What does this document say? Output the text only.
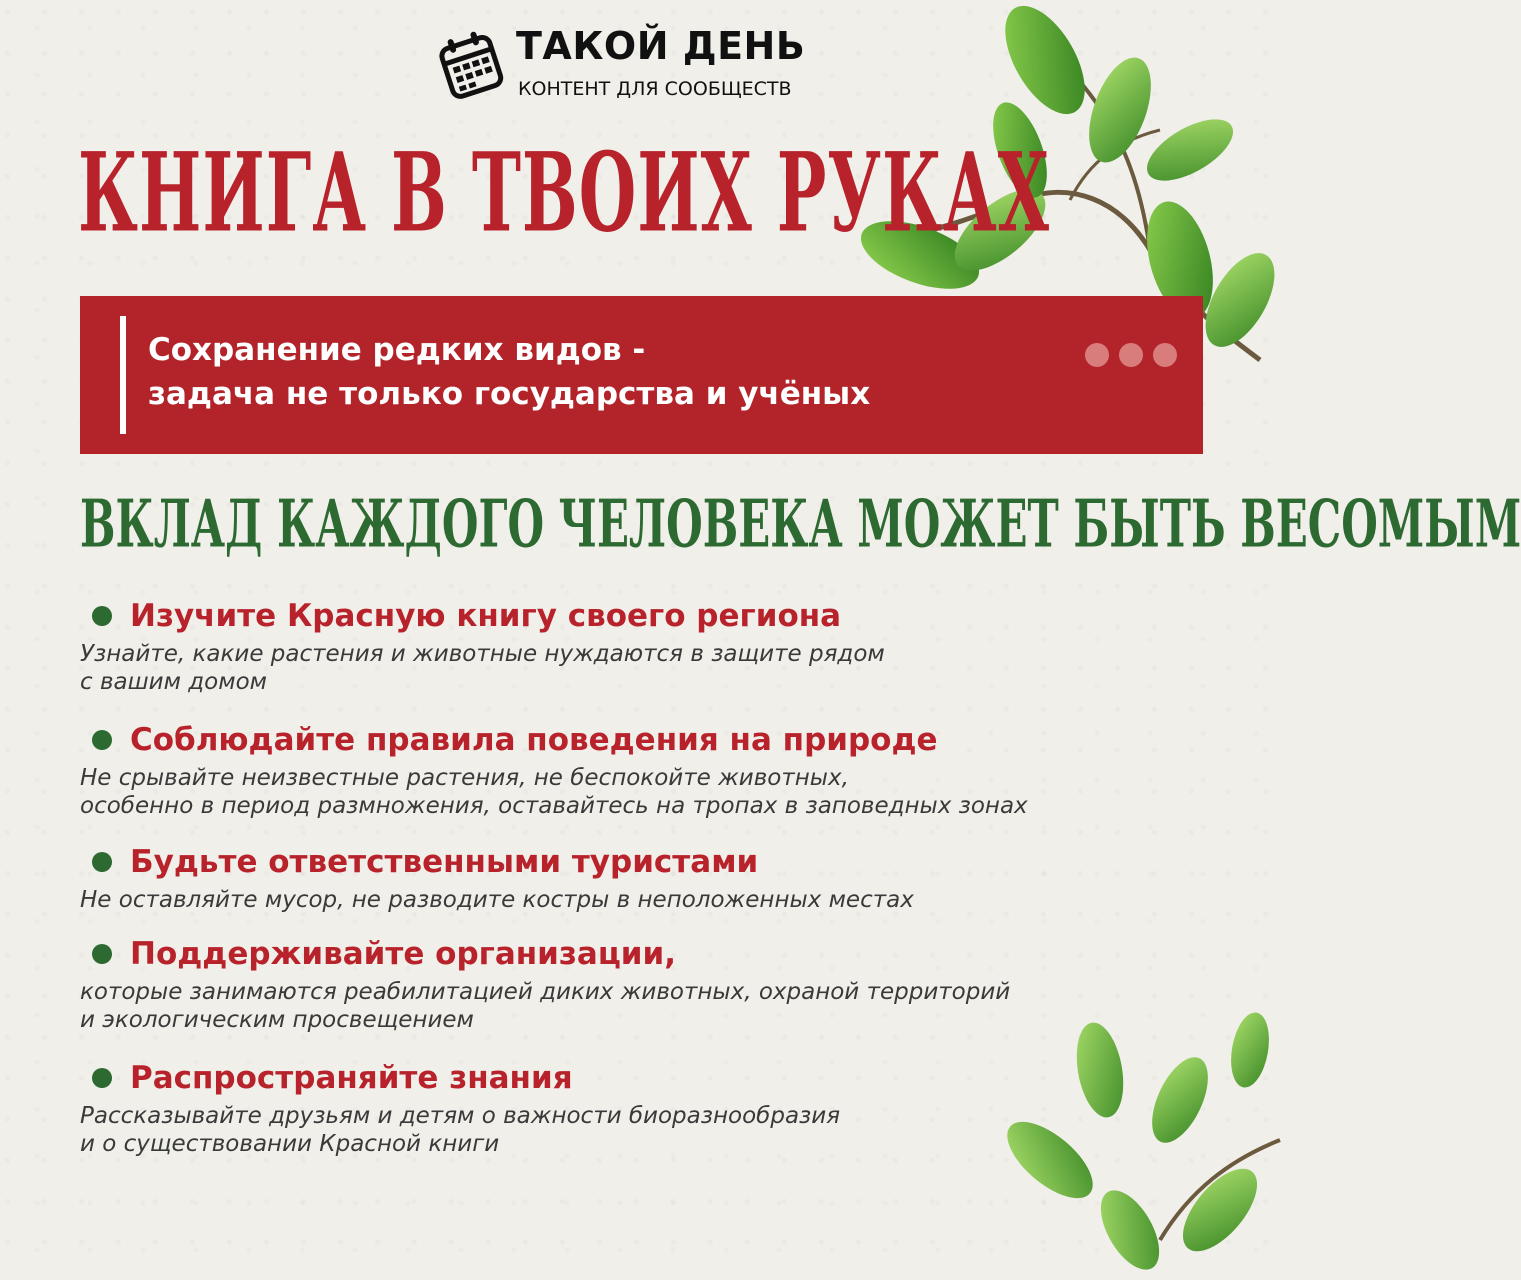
ТАКОЙ ДЕНЬ
КОНТЕНТ ДЛЯ СООБЩЕСТВ
КНИГА В ТВОИХ РУКАХ
Сохранение редких видов -
задача не только государства и учёных
ВКЛАД КАЖДОГО ЧЕЛОВЕКА МОЖЕТ БЫТЬ ВЕСОМЫМ
Изучите Красную книгу своего региона
Узнайте, какие растения и животные нуждаются в защите рядом
с вашим домом
Соблюдайте правила поведения на природе
Не срывайте неизвестные растения, не беспокойте животных,
особенно в период размножения, оставайтесь на тропах в заповедных зонах
Будьте ответственными туристами
Не оставляйте мусор, не разводите костры в неположенных местах
Поддерживайте организации,
которые занимаются реабилитацией диких животных, охраной территорий
и экологическим просвещением
Распространяйте знания
Рассказывайте друзьям и детям о важности биоразнообразия
и о существовании Красной книги
